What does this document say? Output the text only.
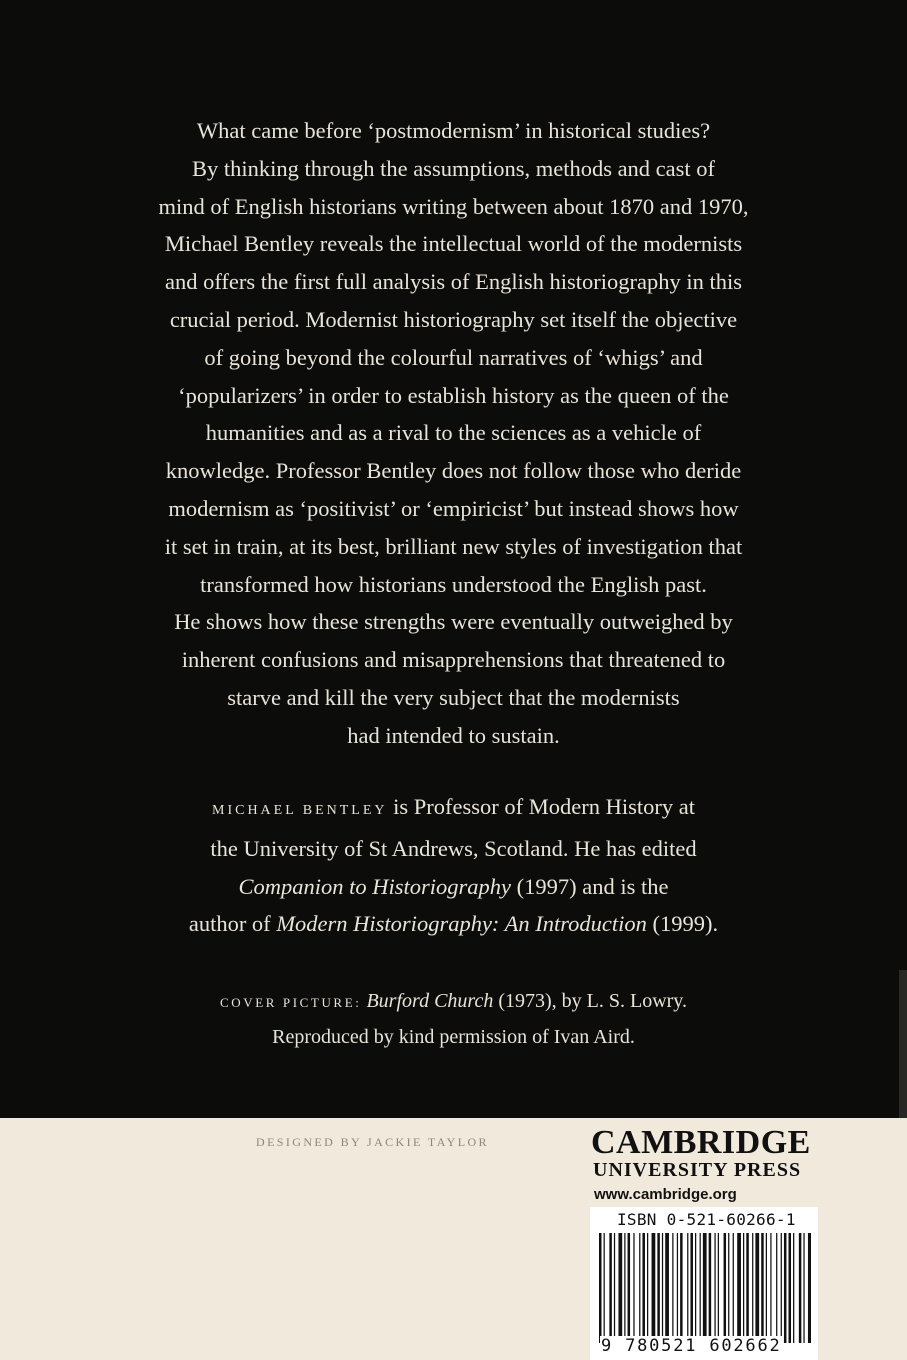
What came before ‘postmodernism’ in historical studies?
By thinking through the assumptions, methods and cast of
mind of English historians writing between about 1870 and 1970,
Michael Bentley reveals the intellectual world of the modernists
and offers the first full analysis of English historiography in this
crucial period. Modernist historiography set itself the objective
of going beyond the colourful narratives of ‘whigs’ and
‘popularizers’ in order to establish history as the queen of the
humanities and as a rival to the sciences as a vehicle of
knowledge. Professor Bentley does not follow those who deride
modernism as ‘positivist’ or ‘empiricist’ but instead shows how
it set in train, at its best, brilliant new styles of investigation that
transformed how historians understood the English past.
He shows how these strengths were eventually outweighed by
inherent confusions and misapprehensions that threatened to
starve and kill the very subject that the modernists
had intended to sustain.
MICHAEL BENTLEY is Professor of Modern History at
the University of St Andrews, Scotland. He has edited
Companion to Historiography (1997) and is the
author of Modern Historiography: An Introduction (1999).
COVER PICTURE: Burford Church (1973), by L. S. Lowry.
Reproduced by kind permission of Ivan Aird.
DESIGNED BY JACKIE TAYLOR	CAMBRIDGE
UNIVERSITY PRESS
www.cambridge.org
ISBN 0-521-60266-1
9 780521 602662
